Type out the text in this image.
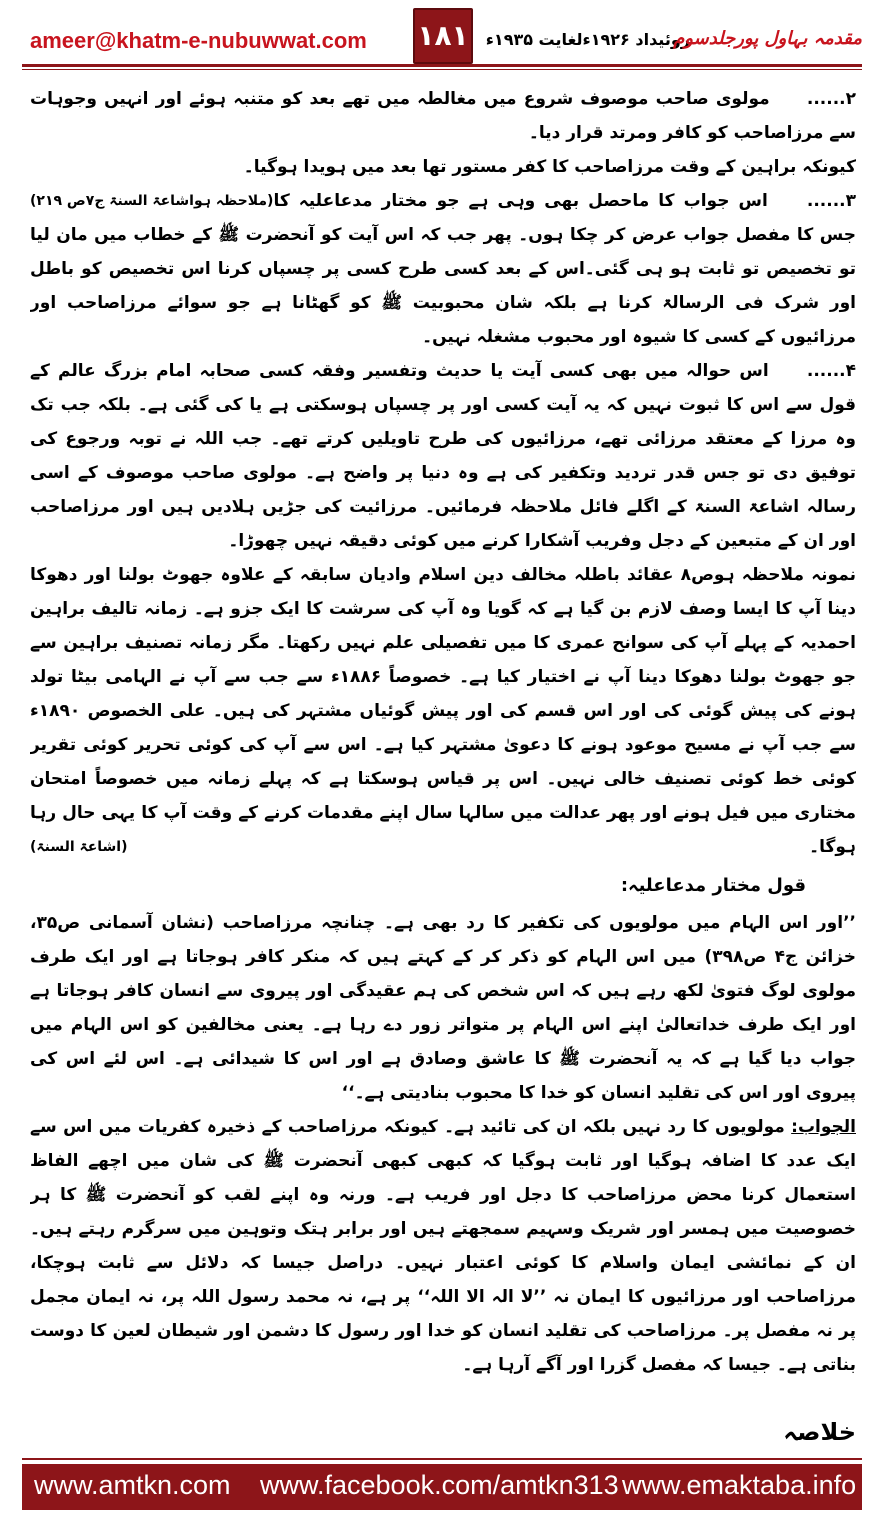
ameer@khatm-e-nubuwwat.com ۱۸۱ روئیداد ۱۹۲۶ءلغایت ۱۹۳۵ء
مقدمہ بہاول پورجلدسوم

۲...... مولوی صاحب موصوف شروع میں مغالطہ میں تھے بعد کو متنبہ ہوئے اور انہیں وجوہات سے مرزاصاحب کو کافر ومرتد قرار دیا۔

کیونکہ براہین کے وقت مرزاصاحب کا کفر مستور تھا بعد میں ہویدا ہوگیا۔
(ملاحظہ ہواشاعۃ السنۃ ج۷ص ۲۱۹)	۳...... اس جواب کا ماحصل بھی وہی ہے جو مختار مدعاعلیہ کا جس کا مفصل جواب عرض کر چکا ہوں۔ پھر جب کہ اس آیت کو آنحضرت ﷺ کے خطاب میں مان لیا تو تخصیص تو ثابت ہو ہی گئی۔اس کے بعد کسی طرح کسی پر چسپاں کرنا اس تخصیص کو باطل اور شرک فی الرسالۃ کرنا ہے بلکہ شان محبوبیت ﷺ کو گھٹانا ہے جو سوائے مرزاصاحب اور مرزائیوں کے کسی کا شیوہ اور محبوب مشغلہ نہیں۔

۴...... اس حوالہ میں بھی کسی آیت یا حدیث وتفسیر وفقہ کسی صحابہ امام بزرگ عالم کے قول سے اس کا ثبوت نہیں کہ یہ آیت کسی اور پر چسپاں ہوسکتی ہے یا کی گئی ہے۔ بلکہ جب تک وہ مرزا کے معتقد مرزائی تھے، مرزائیوں کی طرح تاویلیں کرتے تھے۔ جب اللہ نے توبہ ورجوع کی توفیق دی تو جس قدر تردید وتکفیر کی ہے وہ دنیا پر واضح ہے۔ مولوی صاحب موصوف کے اسی رسالہ اشاعۃ السنۃ کے اگلے فائل ملاحظہ فرمائیں۔ مرزائیت کی جڑیں ہلادیں ہیں اور مرزاصاحب اور ان کے متبعین کے دجل وفریب آشکارا کرنے میں کوئی دقیقہ نہیں چھوڑا۔

نمونہ ملاحظہ ہوص۸ عقائد باطلہ مخالف دین اسلام وادیان سابقہ کے علاوہ جھوٹ بولنا اور دھوکا دینا آپ کا ایسا وصف لازم بن گیا ہے کہ گویا وہ آپ کی سرشت کا ایک جزو ہے۔ زمانہ تالیف براہین احمدیہ کے پہلے آپ کی سوانح عمری کا میں تفصیلی علم نہیں رکھتا۔ مگر زمانہ تصنیف براہین سے جو جھوٹ بولنا دھوکا دینا آپ نے اختیار کیا ہے۔ خصوصاً ۱۸۸۶ء سے جب سے آپ نے الہامی بیٹا تولد ہونے کی پیش گوئی کی اور اس قسم کی اور پیش گوئیاں مشتہر کی ہیں۔ علی الخصوص ۱۸۹۰ء سے جب آپ نے مسیح موعود ہونے کا دعویٰ مشتہر کیا ہے۔ اس سے آپ کی کوئی تحریر کوئی تقریر کوئی خط کوئی تصنیف خالی نہیں۔ اس پر قیاس ہوسکتا ہے کہ پہلے زمانہ میں خصوصاً امتحان مختاری میں فیل ہونے اور پھر عدالت میں سالہا سال اپنے مقدمات کرنے کے وقت آپ کا یہی حال رہا ہوگا۔
(اشاعۃ السنۃ)

قول مختار مدعاعلیہ:

’’اور اس الہام میں مولویوں کی تکفیر کا رد بھی ہے۔ چنانچہ مرزاصاحب (نشان آسمانی ص۳۵، خزائن ج۴ ص۳۹۸) میں اس الہام کو ذکر کر کے کہتے ہیں کہ منکر کافر ہوجاتا ہے اور ایک طرف مولوی لوگ فتویٰ لکھ رہے ہیں کہ اس شخص کی ہم عقیدگی اور پیروی سے انسان کافر ہوجاتا ہے اور ایک طرف خداتعالیٰ اپنے اس الہام پر متواتر زور دے رہا ہے۔ یعنی مخالفین کو اس الہام میں جواب دیا گیا ہے کہ یہ آنحضرت ﷺ کا عاشق وصادق ہے اور اس کا شیدائی ہے۔ اس لئے اس کی پیروی اور اس کی تقلید انسان کو خدا کا محبوب بنادیتی ہے۔‘‘

الجواب: مولویوں کا رد نہیں بلکہ ان کی تائید ہے۔ کیونکہ مرزاصاحب کے ذخیرہ کفریات میں اس سے ایک عدد کا اضافہ ہوگیا اور ثابت ہوگیا کہ کبھی کبھی آنحضرت ﷺ کی شان میں اچھے الفاظ استعمال کرنا محض مرزاصاحب کا دجل اور فریب ہے۔ ورنہ وہ اپنے لقب کو آنحضرت ﷺ کا ہر خصوصیت میں ہمسر اور شریک وسہیم سمجھتے ہیں اور برابر ہتک وتوہین میں سرگرم رہتے ہیں۔ ان کے نمائشی ایمان واسلام کا کوئی اعتبار نہیں۔ دراصل جیسا کہ دلائل سے ثابت ہوچکا، مرزاصاحب اور مرزائیوں کا ایمان نہ ’’لا الہ الا اللہ‘‘ پر ہے، نہ محمد رسول اللہ پر، نہ ایمان مجمل پر نہ مفصل پر۔ مرزاصاحب کی تقلید انسان کو خدا اور رسول کا دشمن اور شیطان لعین کا دوست بناتی ہے۔ جیسا کہ مفصل گزرا اور آگے آرہا ہے۔

خلاصہ

www.amtkn.com www.facebook.com/amtkn313 www.emaktaba.info
